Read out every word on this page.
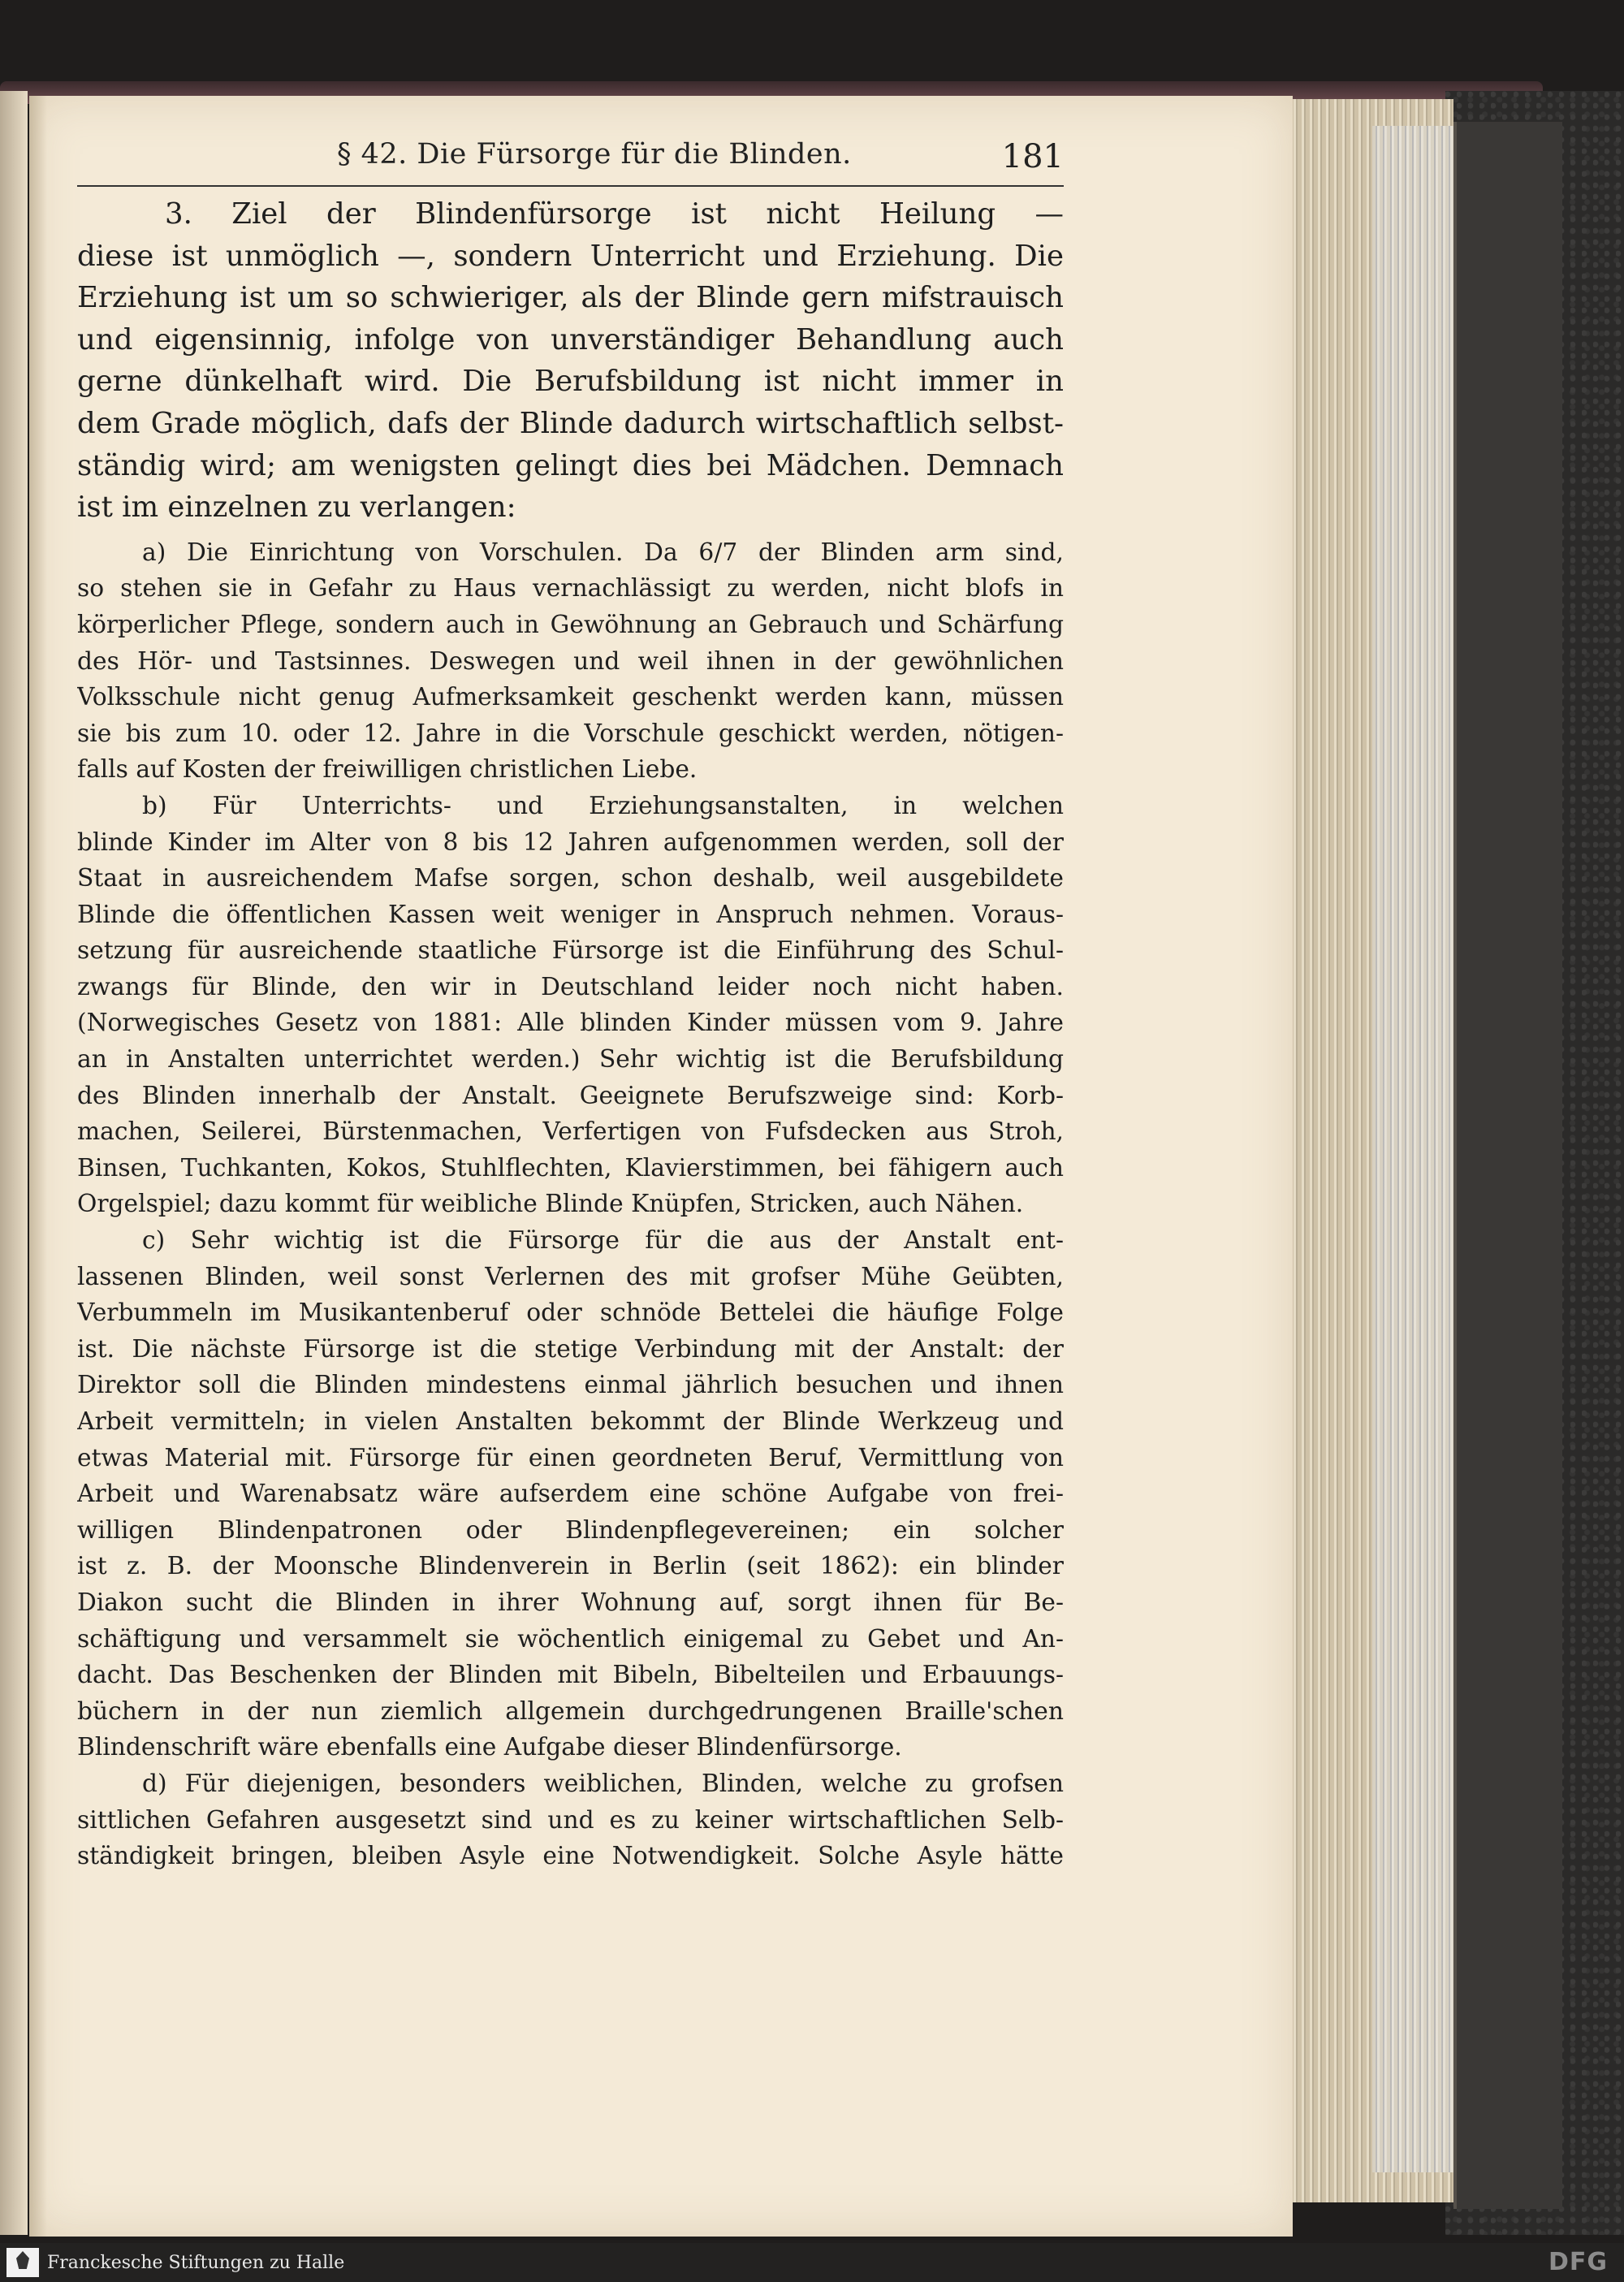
§ 42. Die Fürsorge für die Blinden.	181
3. Ziel der Blindenfürsorge ist nicht Heilung —
diese ist unmöglich —, sondern Unterricht und Erziehung. Die
Erziehung ist um so schwieriger, als der Blinde gern mifstrauisch
und eigensinnig, infolge von unverständiger Behandlung auch
gerne dünkelhaft wird. Die Berufsbildung ist nicht immer in
dem Grade möglich, dafs der Blinde dadurch wirtschaftlich selbst-
ständig wird; am wenigsten gelingt dies bei Mädchen. Demnach
ist im einzelnen zu verlangen:
a) Die Einrichtung von Vorschulen. Da 6/7 der Blinden arm sind,
so stehen sie in Gefahr zu Haus vernachlässigt zu werden, nicht blofs in
körperlicher Pflege, sondern auch in Gewöhnung an Gebrauch und Schärfung
des Hör- und Tastsinnes. Deswegen und weil ihnen in der gewöhnlichen
Volksschule nicht genug Aufmerksamkeit geschenkt werden kann, müssen
sie bis zum 10. oder 12. Jahre in die Vorschule geschickt werden, nötigen-
falls auf Kosten der freiwilligen christlichen Liebe.
b) Für Unterrichts- und Erziehungsanstalten, in welchen
blinde Kinder im Alter von 8 bis 12 Jahren aufgenommen werden, soll der
Staat in ausreichendem Mafse sorgen, schon deshalb, weil ausgebildete
Blinde die öffentlichen Kassen weit weniger in Anspruch nehmen. Voraus-
setzung für ausreichende staatliche Fürsorge ist die Einführung des Schul-
zwangs für Blinde, den wir in Deutschland leider noch nicht haben.
(Norwegisches Gesetz von 1881: Alle blinden Kinder müssen vom 9. Jahre
an in Anstalten unterrichtet werden.) Sehr wichtig ist die Berufsbildung
des Blinden innerhalb der Anstalt. Geeignete Berufszweige sind: Korb-
machen, Seilerei, Bürstenmachen, Verfertigen von Fufsdecken aus Stroh,
Binsen, Tuchkanten, Kokos, Stuhlflechten, Klavierstimmen, bei fähigern auch
Orgelspiel; dazu kommt für weibliche Blinde Knüpfen, Stricken, auch Nähen.
c) Sehr wichtig ist die Fürsorge für die aus der Anstalt ent-
lassenen Blinden, weil sonst Verlernen des mit grofser Mühe Geübten,
Verbummeln im Musikantenberuf oder schnöde Bettelei die häufige Folge
ist. Die nächste Fürsorge ist die stetige Verbindung mit der Anstalt: der
Direktor soll die Blinden mindestens einmal jährlich besuchen und ihnen
Arbeit vermitteln; in vielen Anstalten bekommt der Blinde Werkzeug und
etwas Material mit. Fürsorge für einen geordneten Beruf, Vermittlung von
Arbeit und Warenabsatz wäre aufserdem eine schöne Aufgabe von frei-
willigen Blindenpatronen oder Blindenpflegevereinen; ein solcher
ist z. B. der Moonsche Blindenverein in Berlin (seit 1862): ein blinder
Diakon sucht die Blinden in ihrer Wohnung auf, sorgt ihnen für Be-
schäftigung und versammelt sie wöchentlich einigemal zu Gebet und An-
dacht. Das Beschenken der Blinden mit Bibeln, Bibelteilen und Erbauungs-
büchern in der nun ziemlich allgemein durchgedrungenen Braille'schen
Blindenschrift wäre ebenfalls eine Aufgabe dieser Blindenfürsorge.
d) Für diejenigen, besonders weiblichen, Blinden, welche zu grofsen
sittlichen Gefahren ausgesetzt sind und es zu keiner wirtschaftlichen Selb-
ständigkeit bringen, bleiben Asyle eine Notwendigkeit. Solche Asyle hätte
Franckesche Stiftungen zu Halle	DFG
